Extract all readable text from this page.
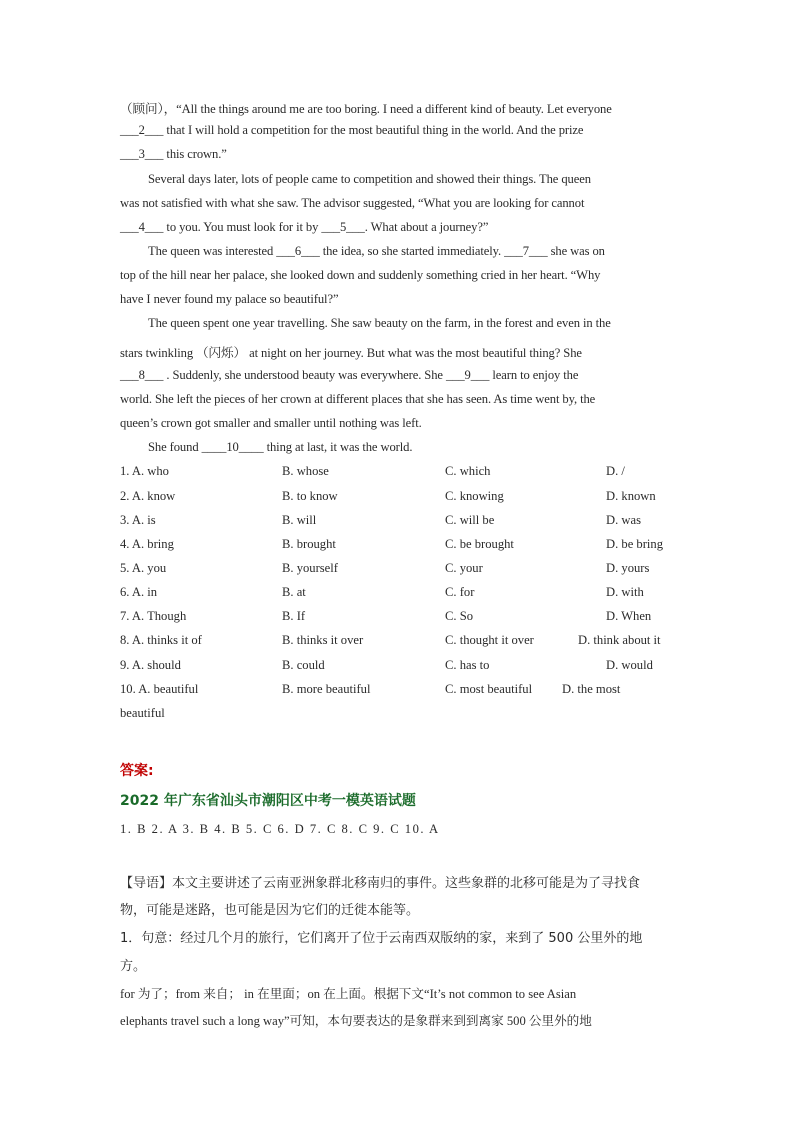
（顾问），“All the things around me are too boring. I need a different kind of beauty. Let everyone
___2___ that I will hold a competition for the most beautiful thing in the world. And the prize
___3___ this crown.”
Several days later, lots of people came to competition and showed their things. The queen
was not satisfied with what she saw. The advisor suggested, “What you are looking for cannot
___4___ to you. You must look for it by ___5___. What about a journey?”
The queen was interested ___6___ the idea, so she started immediately. ___7___ she was on
top of the hill near her palace, she looked down and suddenly something cried in her heart. “Why
have I never found my palace so beautiful?”
The queen spent one year travelling. She saw beauty on the farm, in the forest and even in the
stars twinkling （闪烁） at night on her journey. But what was the most beautiful thing? She
___8___ . Suddenly, she understood beauty was everywhere. She ___9___ learn to enjoy the
world. She left the pieces of her crown at different places that she has seen. As time went by, the
queen’s crown got smaller and smaller until nothing was left.
She found ____10____ thing at last, it was the world.
1. A. who	B. whose	C. which	D. /
2. A. know	B. to know	C. knowing	D. known
3. A. is	B. will	C. will be	D. was
4. A. bring	B. brought	C. be brought	D. be bring
5. A. you	B. yourself	C. your	D. yours
6. A. in	B. at	C. for	D. with
7. A. Though	B. If	C. So	D. When
8. A. thinks it of	B. thinks it over	C. thought it over	D. think about it
9. A. should	B. could	C. has to	D. would
10. A. beautiful	B. more beautiful	C. most beautiful D. the most
beautiful
答案:
2022 年广东省汕头市潮阳区中考一模英语试题
1. B 2. A 3. B 4. B 5. C 6. D 7. C 8. C 9. C 10. A
【导语】本文主要讲述了云南亚洲象群北移南归的事件。这些象群的北移可能是为了寻找食
物，可能是迷路，也可能是因为它们的迁徙本能等。
1．句意：经过几个月的旅行，它们离开了位于云南西双版纳的家，来到了 500 公里外的地
方。
for 为了；from 来自； in 在里面；on 在上面。根据下文“It’s not common to see Asian
elephants travel such a long way”可知，本句要表达的是象群来到到离家 500 公里外的地
